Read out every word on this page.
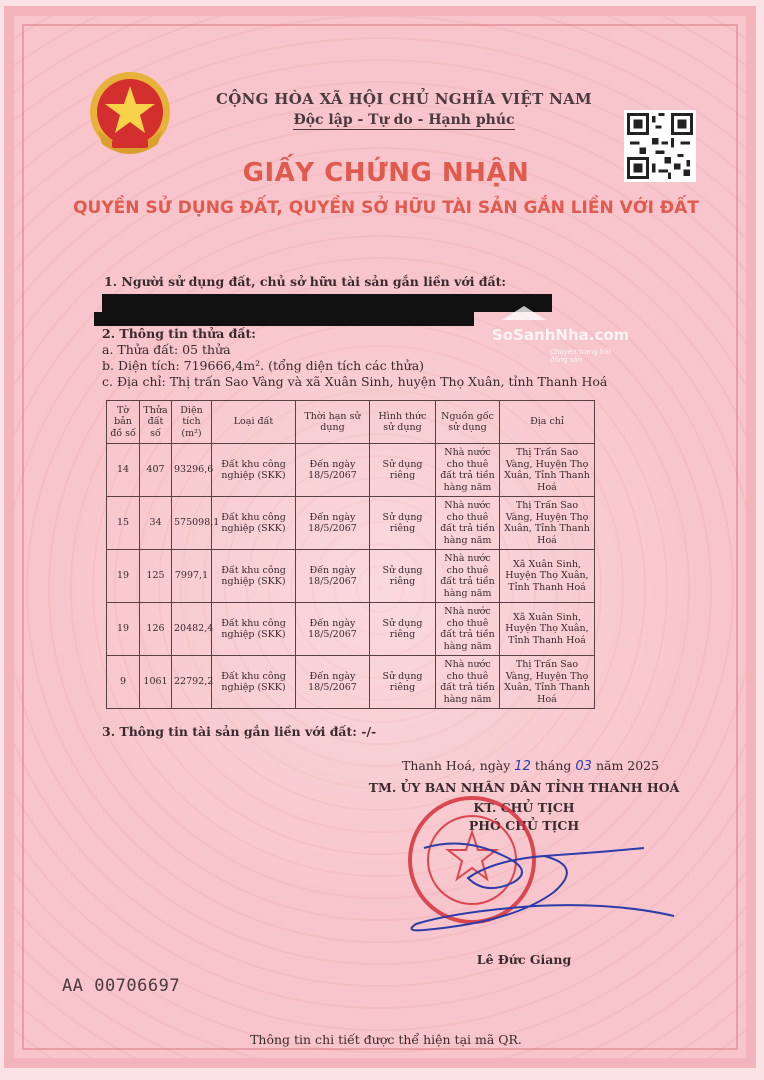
CỘNG HÒA XÃ HỘI CHỦ NGHĨA VIỆT NAM
Độc lập - Tự do - Hạnh phúc
GIẤY CHỨNG NHẬN
QUYỀN SỬ DỤNG ĐẤT, QUYỀN SỞ HỮU TÀI SẢN GẮN LIỀN VỚI ĐẤT
1. Người sử dụng đất, chủ sở hữu tài sản gắn liền với đất:
SoSanhNha.com
Chuyên trang bất động sản
2. Thông tin thửa đất:
a. Thửa đất: 05 thửa
b. Diện tích: 719666,4m². (tổng diện tích các thửa)
c. Địa chỉ: Thị trấn Sao Vàng và xã Xuân Sinh, huyện Thọ Xuân, tỉnh Thanh Hoá
Tờ bản đồ số	Thửa đất số	Diện tích (m²)	Loại đất	Thời hạn sử dụng	Hình thức sử dụng	Nguồn gốc sử dụng	Địa chỉ
14	407	93296,6	Đất khu công nghiệp (SKK)	Đến ngày 18/5/2067	Sử dụng riêng	Nhà nước cho thuê đất trả tiền hàng năm	Thị Trấn Sao Vàng, Huyện Thọ Xuân, Tỉnh Thanh Hoá
15	34	575098,1	Đất khu công nghiệp (SKK)	Đến ngày 18/5/2067	Sử dụng riêng	Nhà nước cho thuê đất trả tiền hàng năm	Thị Trấn Sao Vàng, Huyện Thọ Xuân, Tỉnh Thanh Hoá
19	125	7997,1	Đất khu công nghiệp (SKK)	Đến ngày 18/5/2067	Sử dụng riêng	Nhà nước cho thuê đất trả tiền hàng năm	Xã Xuân Sinh, Huyện Thọ Xuân, Tỉnh Thanh Hoá
19	126	20482,4	Đất khu công nghiệp (SKK)	Đến ngày 18/5/2067	Sử dụng riêng	Nhà nước cho thuê đất trả tiền hàng năm	Xã Xuân Sinh, Huyện Thọ Xuân, Tỉnh Thanh Hoá
9	1061	22792,2	Đất khu công nghiệp (SKK)	Đến ngày 18/5/2067	Sử dụng riêng	Nhà nước cho thuê đất trả tiền hàng năm	Thị Trấn Sao Vàng, Huyện Thọ Xuân, Tỉnh Thanh Hoá
3. Thông tin tài sản gắn liền với đất: -/-
Thanh Hoá, ngày 12 tháng 03 năm 2025
TM. ỦY BAN NHÂN DÂN TỈNH THANH HOÁ
KT. CHỦ TỊCH
PHÓ CHỦ TỊCH
Lê Đức Giang
AA 00706697
Thông tin chi tiết được thể hiện tại mã QR.
